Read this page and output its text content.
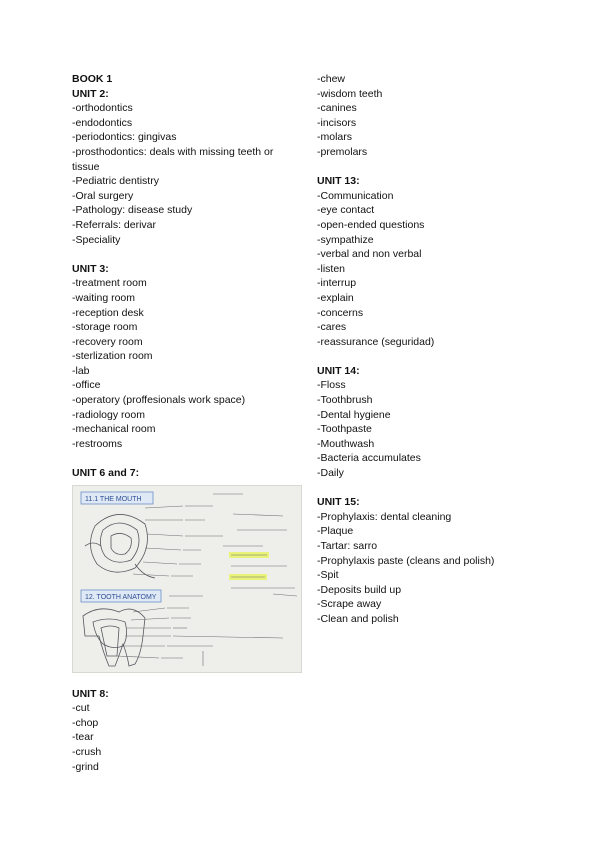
BOOK 1
UNIT 2:
-orthodontics
-endodontics
-periodontics: gingivas
-prosthodontics: deals with missing teeth or tissue
-Pediatric dentistry
-Oral surgery
-Pathology: disease study
-Referrals: derivar
-Speciality
UNIT 3:
-treatment room
-waiting room
-reception desk
-storage room
-recovery room
-sterlization room
-lab
-office
-operatory (proffesionals work space)
-radiology room
-mechanical room
-restrooms
UNIT 6 and 7:
11.1 THE MOUTH
12. TOOTH ANATOMY
UNIT 8:
-cut
-chop
-tear
-crush
-grind
-chew
-wisdom teeth
-canines
-incisors
-molars
-premolars
UNIT 13:
-Communication
-eye contact
-open-ended questions
-sympathize
-verbal and non verbal
-listen
-interrup
-explain
-concerns
-cares
-reassurance (seguridad)
UNIT 14:
-Floss
-Toothbrush
-Dental hygiene
-Toothpaste
-Mouthwash
-Bacteria accumulates
-Daily
UNIT 15:
-Prophylaxis: dental cleaning
-Plaque
-Tartar: sarro
-Prophylaxis paste (cleans and polish)
-Spit
-Deposits build up
-Scrape away
-Clean and polish
